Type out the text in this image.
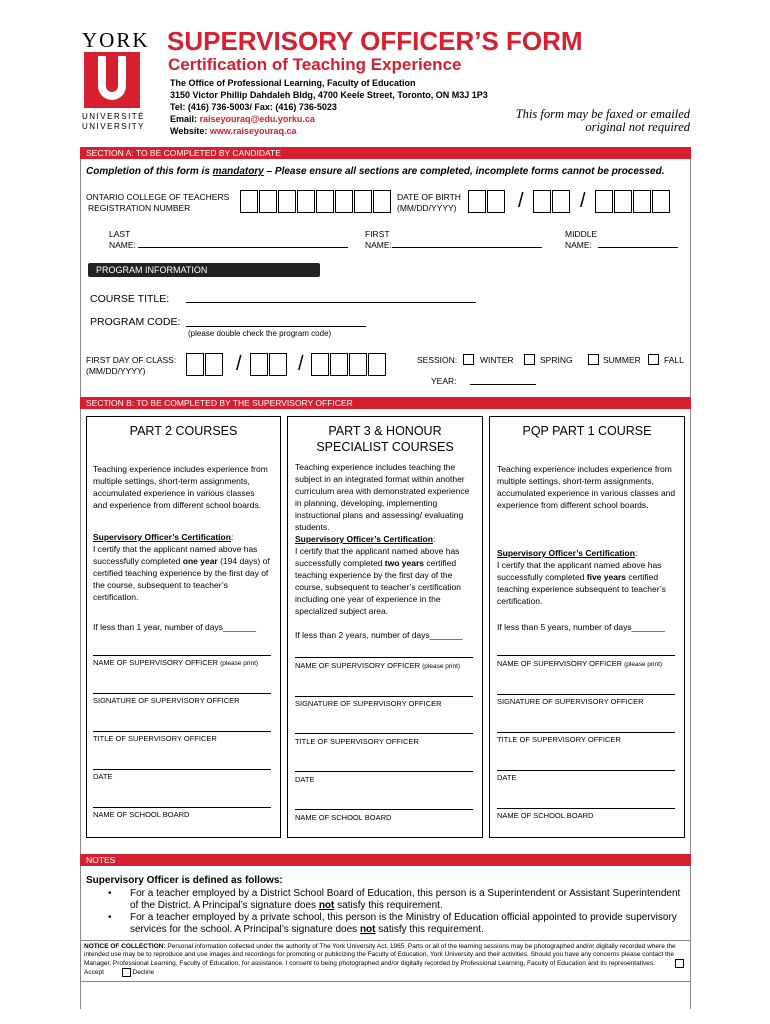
YORK
UNIVERSITÉ
UNIVERSITY
SUPERVISORY OFFICER’S FORM
Certification of Teaching Experience
The Office of Professional Learning, Faculty of Education
3150 Victor Phillip Dahdaleh Bldg, 4700 Keele Street, Toronto, ON M3J 1P3
Tel: (416) 736-5003/ Fax: (416) 736-5023
Email: raiseyouraq@edu.yorku.ca
Website: www.raiseyouraq.ca
This form may be faxed or emailed
original not required
SECTION A: TO BE COMPLETED BY CANDIDATE
Completion of this form is mandatory – Please ensure all sections are completed, incomplete forms cannot be processed.
ONTARIO COLLEGE OF TEACHERS
REGISTRATION NUMBER
DATE OF BIRTH
(MM/DD/YYYY)	/	/
LAST
NAME:
FIRST
NAME:
MIDDLE
NAME:
PROGRAM INFORMATION
COURSE TITLE:
PROGRAM CODE:
(please double check the program code)
FIRST DAY OF CLASS:
(MM/DD/YYYY)	/	/	SESSION:	WINTER	SPRING	SUMMER	FALL
YEAR:
SECTION B: TO BE COMPLETED BY THE SUPERVISORY OFFICER
PART 2 COURSES
Teaching experience includes experience from multiple settings, short-term assignments, accumulated experience in various classes and experience from different school boards.
Supervisory Officer’s Certification:
I certify that the applicant named above has successfully completed one year (194 days) of certified teaching experience by the first day of the course, subsequent to teacher’s certification.
If less than 1 year, number of days_______
NAME OF SUPERVISORY OFFICER (please print)
SIGNATURE OF SUPERVISORY OFFICER
TITLE OF SUPERVISORY OFFICER
DATE
NAME OF SCHOOL BOARD
PART 3 & HONOUR
SPECIALIST COURSES
Teaching experience includes teaching the subject in an integrated format within another curriculum area with demonstrated experience in planning, developing, implementing instructional plans and assessing/ evaluating students.
Supervisory Officer’s Certification:
I certify that the applicant named above has successfully completed two years certified teaching experience by the first day of the course, subsequent to teacher’s certification including one year of experience in the specialized subject area.
If less than 2 years, number of days_______
NAME OF SUPERVISORY OFFICER (please print)
SIGNATURE OF SUPERVISORY OFFICER
TITLE OF SUPERVISORY OFFICER
DATE
NAME OF SCHOOL BOARD
PQP PART 1 COURSE
Teaching experience includes experience from multiple settings, short-term assignments, accumulated experience in various classes and experience from different school boards.
Supervisory Officer’s Certification:
I certify that the applicant named above has successfully completed five years certified teaching experience subsequent to teacher’s certification.
If less than 5 years, number of days_______
NAME OF SUPERVISORY OFFICER (please print)
SIGNATURE OF SUPERVISORY OFFICER
TITLE OF SUPERVISORY OFFICER
DATE
NAME OF SCHOOL BOARD
NOTES
Supervisory Officer is defined as follows:
• For a teacher employed by a District School Board of Education, this person is a Superintendent or Assistant Superintendent of the District. A Principal’s signature does not satisfy this requirement.
• For a teacher employed by a private school, this person is the Ministry of Education official appointed to provide supervisory services for the school. A Principal’s signature does not satisfy this requirement.
NOTICE OF COLLECTION: Personal information collected under the authority of The York University Act, 1965. Parts or all of the learning sessions may be photographed and/or digitally recorded where the intended use may be to reproduce and use images and recordings for promoting or publicizing the Faculty of Education, York University and their activities. Should you have any concerns please contact the Manager, Professional Learning, Faculty of Education, for assistance. I consent to being photographed and/or digitally recorded by Professional Learning, Faculty of Education and its representatives.  Accept	Decline
